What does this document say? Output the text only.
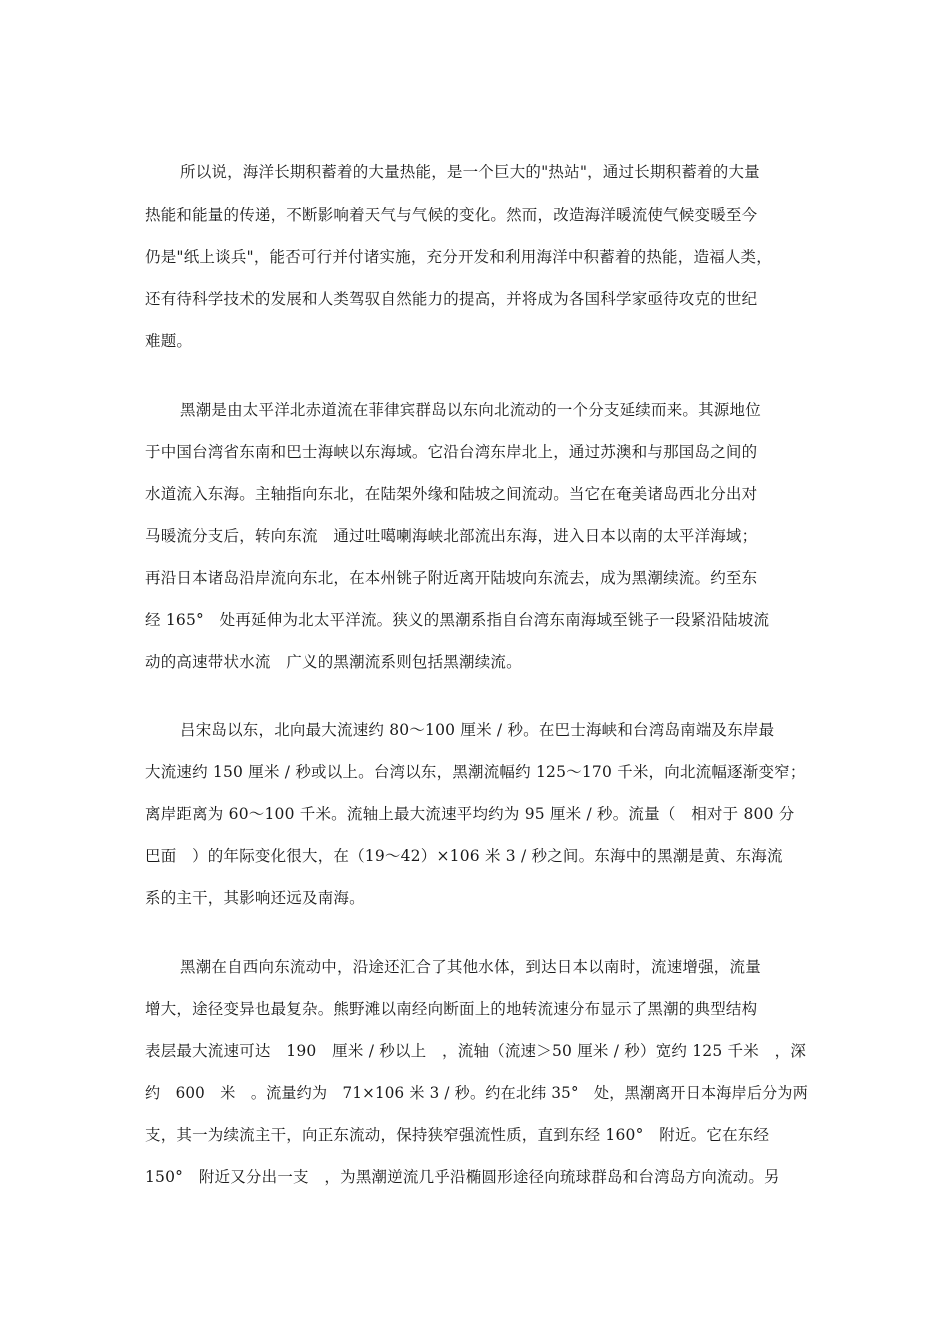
所以说，海洋长期积蓄着的大量热能，是一个巨大的"热站"，通过长期积蓄着的大量
热能和能量的传递，不断影响着天气与气候的变化。然而，改造海洋暖流使气候变暖至今
仍是"纸上谈兵"，能否可行并付诸实施，充分开发和利用海洋中积蓄着的热能，造福人类，
还有待科学技术的发展和人类驾驭自然能力的提高，并将成为各国科学家亟待攻克的世纪
难题。
黑潮是由太平洋北赤道流在菲律宾群岛以东向北流动的一个分支延续而来。其源地位
于中国台湾省东南和巴士海峡以东海域。它沿台湾东岸北上，通过苏澳和与那国岛之间的
水道流入东海。主轴指向东北，在陆架外缘和陆坡之间流动。当它在奄美诸岛西北分出对
马暖流分支后，转向东流　通过吐噶喇海峡北部流出东海，进入日本以南的太平洋海域；
再沿日本诸岛沿岸流向东北，在本州铫子附近离开陆坡向东流去，成为黑潮续流。约至东
经 165°　处再延伸为北太平洋流。狭义的黑潮系指自台湾东南海域至铫子一段紧沿陆坡流
动的高速带状水流　广义的黑潮流系则包括黑潮续流。
吕宋岛以东，北向最大流速约 80～100 厘米 / 秒。在巴士海峡和台湾岛南端及东岸最
大流速约 150 厘米 / 秒或以上。台湾以东，黑潮流幅约 125～170 千米，向北流幅逐渐变窄；
离岸距离为 60～100 千米。流轴上最大流速平均约为 95 厘米 / 秒。流量（　相对于 800 分
巴面　）的年际变化很大，在（19～42）×106 米 3 / 秒之间。东海中的黑潮是黄、东海流
系的主干，其影响还远及南海。
黑潮在自西向东流动中，沿途还汇合了其他水体，到达日本以南时，流速增强，流量
增大，途径变异也最复杂。熊野滩以南经向断面上的地转流速分布显示了黑潮的典型结构
表层最大流速可达　190　厘米 / 秒以上　，流轴（流速＞50 厘米 / 秒）宽约 125 千米　，深
约　600　米　。流量约为　71×106 米 3 / 秒。约在北纬 35°　处，黑潮离开日本海岸后分为两
支，其一为续流主干，向正东流动，保持狭窄强流性质，直到东经 160°　附近。它在东经
150°　附近又分出一支　，为黑潮逆流几乎沿椭圆形途径向琉球群岛和台湾岛方向流动。另
